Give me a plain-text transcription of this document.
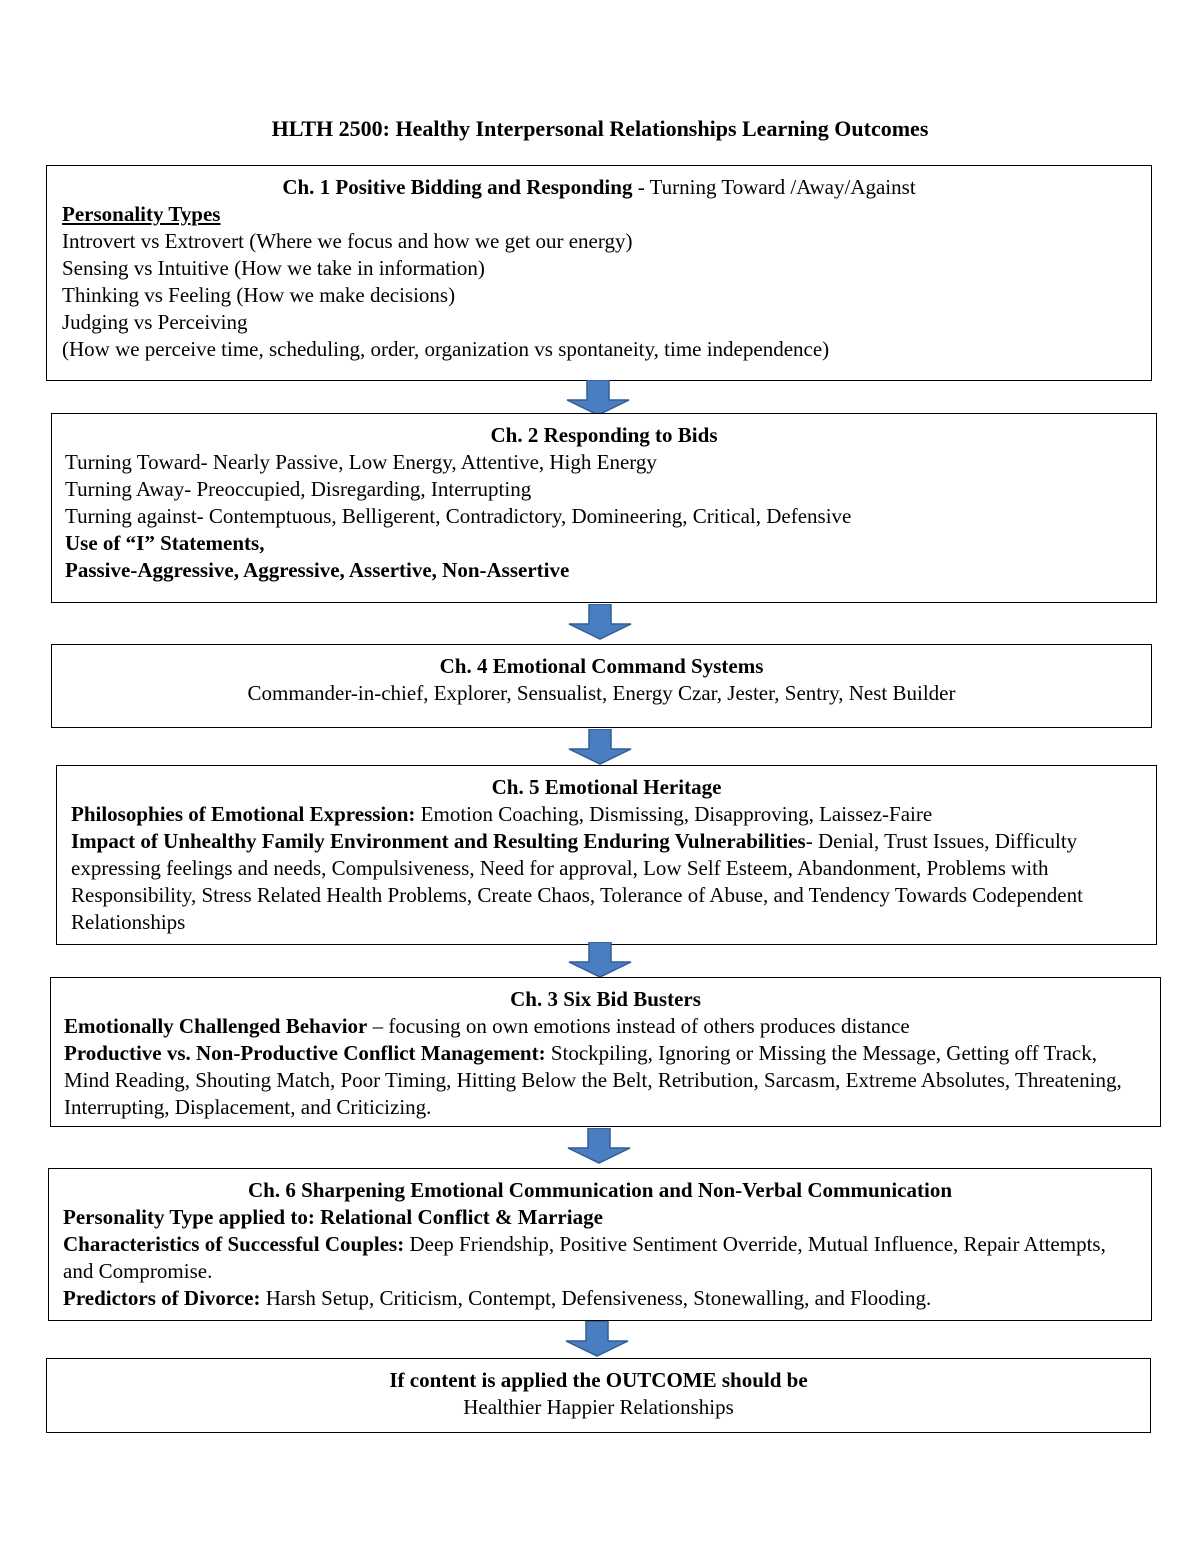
HLTH 2500: Healthy Interpersonal Relationships Learning Outcomes
Ch. 1 Positive Bidding and Responding - Turning Toward /Away/Against
Personality Types
Introvert vs Extrovert (Where we focus and how we get our energy)
Sensing vs Intuitive (How we take in information)
Thinking vs Feeling (How we make decisions)
Judging vs Perceiving
(How we perceive time, scheduling, order, organization vs spontaneity, time independence)
Ch. 2 Responding to Bids
Turning Toward- Nearly Passive, Low Energy, Attentive, High Energy
Turning Away- Preoccupied, Disregarding, Interrupting
Turning against- Contemptuous, Belligerent, Contradictory, Domineering, Critical, Defensive
Use of “I” Statements,
Passive-Aggressive, Aggressive, Assertive, Non-Assertive
Ch. 4 Emotional Command Systems
Commander-in-chief, Explorer, Sensualist, Energy Czar, Jester, Sentry, Nest Builder
Ch. 5 Emotional Heritage
Philosophies of Emotional Expression: Emotion Coaching, Dismissing, Disapproving, Laissez-Faire
Impact of Unhealthy Family Environment and Resulting Enduring Vulnerabilities- Denial, Trust Issues, Difficulty expressing feelings and needs, Compulsiveness, Need for approval, Low Self Esteem, Abandonment, Problems with Responsibility, Stress Related Health Problems, Create Chaos, Tolerance of Abuse, and Tendency Towards Codependent Relationships
Ch. 3 Six Bid Busters
Emotionally Challenged Behavior – focusing on own emotions instead of others produces distance
Productive vs. Non-Productive Conflict Management: Stockpiling, Ignoring or Missing the Message, Getting off Track, Mind Reading, Shouting Match, Poor Timing, Hitting Below the Belt, Retribution, Sarcasm, Extreme Absolutes, Threatening, Interrupting, Displacement, and Criticizing.
Ch. 6 Sharpening Emotional Communication and Non-Verbal Communication
Personality Type applied to: Relational Conflict & Marriage
Characteristics of Successful Couples: Deep Friendship, Positive Sentiment Override, Mutual Influence, Repair Attempts, and Compromise.
Predictors of Divorce: Harsh Setup, Criticism, Contempt, Defensiveness, Stonewalling, and Flooding.
If content is applied the OUTCOME should be
Healthier Happier Relationships
